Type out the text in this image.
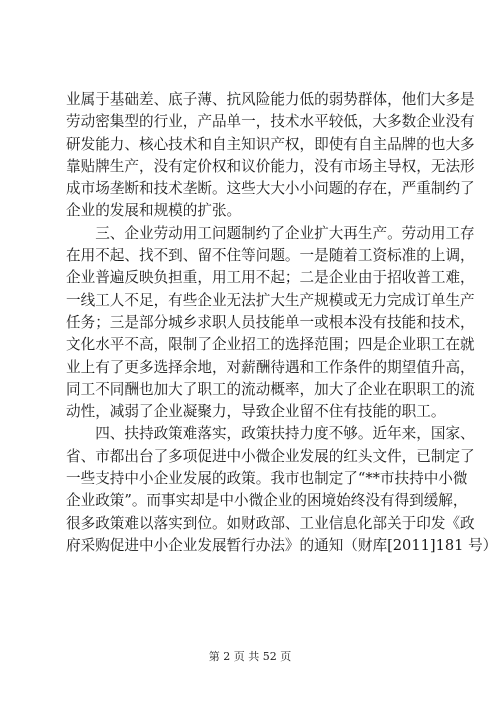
业属于基础差、底子薄、抗风险能力低的弱势群体，他们大多是
劳动密集型的行业，产品单一，技术水平较低，大多数企业没有
研发能力、核心技术和自主知识产权，即使有自主品牌的也大多
靠贴牌生产，没有定价权和议价能力，没有市场主导权，无法形
成市场垄断和技术垄断。这些大大小小问题的存在，严重制约了
企业的发展和规模的扩张。
　　三、企业劳动用工问题制约了企业扩大再生产。劳动用工存
在用不起、找不到、留不住等问题。一是随着工资标准的上调，
企业普遍反映负担重，用工用不起；二是企业由于招收普工难，
一线工人不足，有些企业无法扩大生产规模或无力完成订单生产
任务；三是部分城乡求职人员技能单一或根本没有技能和技术，
文化水平不高，限制了企业招工的选择范围；四是企业职工在就
业上有了更多选择余地，对薪酬待遇和工作条件的期望值升高，
同工不同酬也加大了职工的流动概率，加大了企业在职职工的流
动性，减弱了企业凝聚力，导致企业留不住有技能的职工。
　　四、扶持政策难落实，政策扶持力度不够。近年来，国家、
省、市都出台了多项促进中小微企业发展的红头文件，已制定了
一些支持中小企业发展的政策。我市也制定了“**市扶持中小微
企业政策”。而事实却是中小微企业的困境始终没有得到缓解，
很多政策难以落实到位。如财政部、工业信息化部关于印发《政
府采购促进中小企业发展暂行办法》的通知（财库[2011]181 号）
第 2 页 共 52 页
